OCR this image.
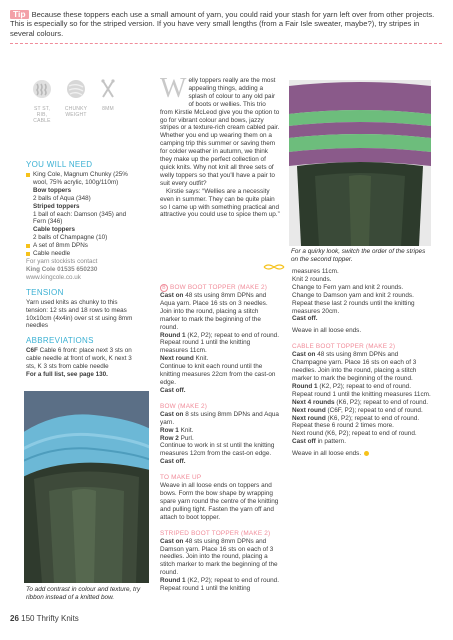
Tip Because these toppers each use a small amount of yarn, you could raid your stash for yarn left over from other projects. This is especially so for the striped version. If you have very small lengths (from a Fair Isle sweater, maybe?), try stripes in several colours.
ST ST, RIB,
CABLE
CHUNKY
WEIGHT
8MM
YOU WILL NEED
King Cole, Magnum Chunky (25% wool, 75% acrylic, 100g/110m)
Bow toppers
2 balls of Aqua (348)
Striped toppers
1 ball of each: Damson (345) and Fern (346)
Cable toppers
2 balls of Champagne (10)
A set of 8mm DPNs
Cable needle
For yarn stockists contact
King Cole 01535 650230
www.kingcole.co.uk
TENSION
Yarn used knits as chunky to this tension: 12 sts and 18 rows to meas 10x10cm (4x4in) over st st using 8mm needles
ABBREVIATIONS
C6F Cable 6 front: place next 3 sts on cable needle at front of work, K next 3 sts, K 3 sts from cable needle
For a full list, see page 130.
To add contrast in colour and texture, try ribbon instead of a knitted bow.
Welly toppers really are the most appealing things, adding a splash of colour to any old pair of boots or wellies. This trio from Kirstie McLeod give you the option to go for vibrant colour and bows, jazzy stripes or a texture-rich cream cabled pair. Whether you end up wearing them on a camping trip this summer or saving them for colder weather in autumn, we think they make up the perfect collection of quick knits. Why not knit all three sets of welly toppers so that you'll have a pair to suit every outfit?
Kirstie says: “Wellies are a necessity even in summer. They can be quite plain so I came up with something practical and attractive you could use to spice them up.”
For a quirky look, switch the order of the stripes on the second topper.
B BOW BOOT TOPPER (MAKE 2)
Cast on 48 sts using 8mm DPNs and Aqua yarn. Place 16 sts on 3 needles. Join into the round, placing a stitch marker to mark the beginning of the round.
Round 1 (K2, P2); repeat to end of round.
Repeat round 1 until the knitting measures 11cm.
Next round Knit.
Continue to knit each round until the knitting measures 22cm from the cast-on edge.
Cast off.
BOW (MAKE 2)
Cast on 8 sts using 8mm DPNs and Aqua yarn.
Row 1 Knit.
Row 2 Purl.
Continue to work in st st until the knitting measures 12cm from the cast-on edge.
Cast off.
TO MAKE UP
Weave in all loose ends on toppers and bows. Form the bow shape by wrapping spare yarn round the centre of the knitting and pulling tight. Fasten the yarn off and attach to boot topper.
STRIPED BOOT TOPPER (MAKE 2)
Cast on 48 sts using 8mm DPNs and Damson yarn. Place 16 sts on each of 3 needles. Join into the round, placing a stitch marker to mark the beginning of the round.
Round 1 (K2, P2); repeat to end of round.
Repeat round 1 until the knitting
measures 11cm.
Knit 2 rounds.
Change to Fern yarn and knit 2 rounds.
Change to Damson yarn and knit 2 rounds.
Repeat these last 2 rounds until the knitting measures 20cm.
Cast off.
Weave in all loose ends.
CABLE BOOT TOPPER (MAKE 2)
Cast on 48 sts using 8mm DPNs and Champagne yarn. Place 16 sts on each of 3 needles. Join into the round, placing a stitch marker to mark the beginning of the round.
Round 1 (K2, P2); repeat to end of round.
Repeat round 1 until the knitting measures 11cm.
Next 4 rounds (K6, P2); repeat to end of round.
Next round (C6F, P2); repeat to end of round.
Next round (K6, P2); repeat to end of round.
Repeat these 6 round 2 times more.
Next round (K6, P2); repeat to end of round.
Cast off in pattern.
Weave in all loose ends.
26 150 Thrifty Knits
